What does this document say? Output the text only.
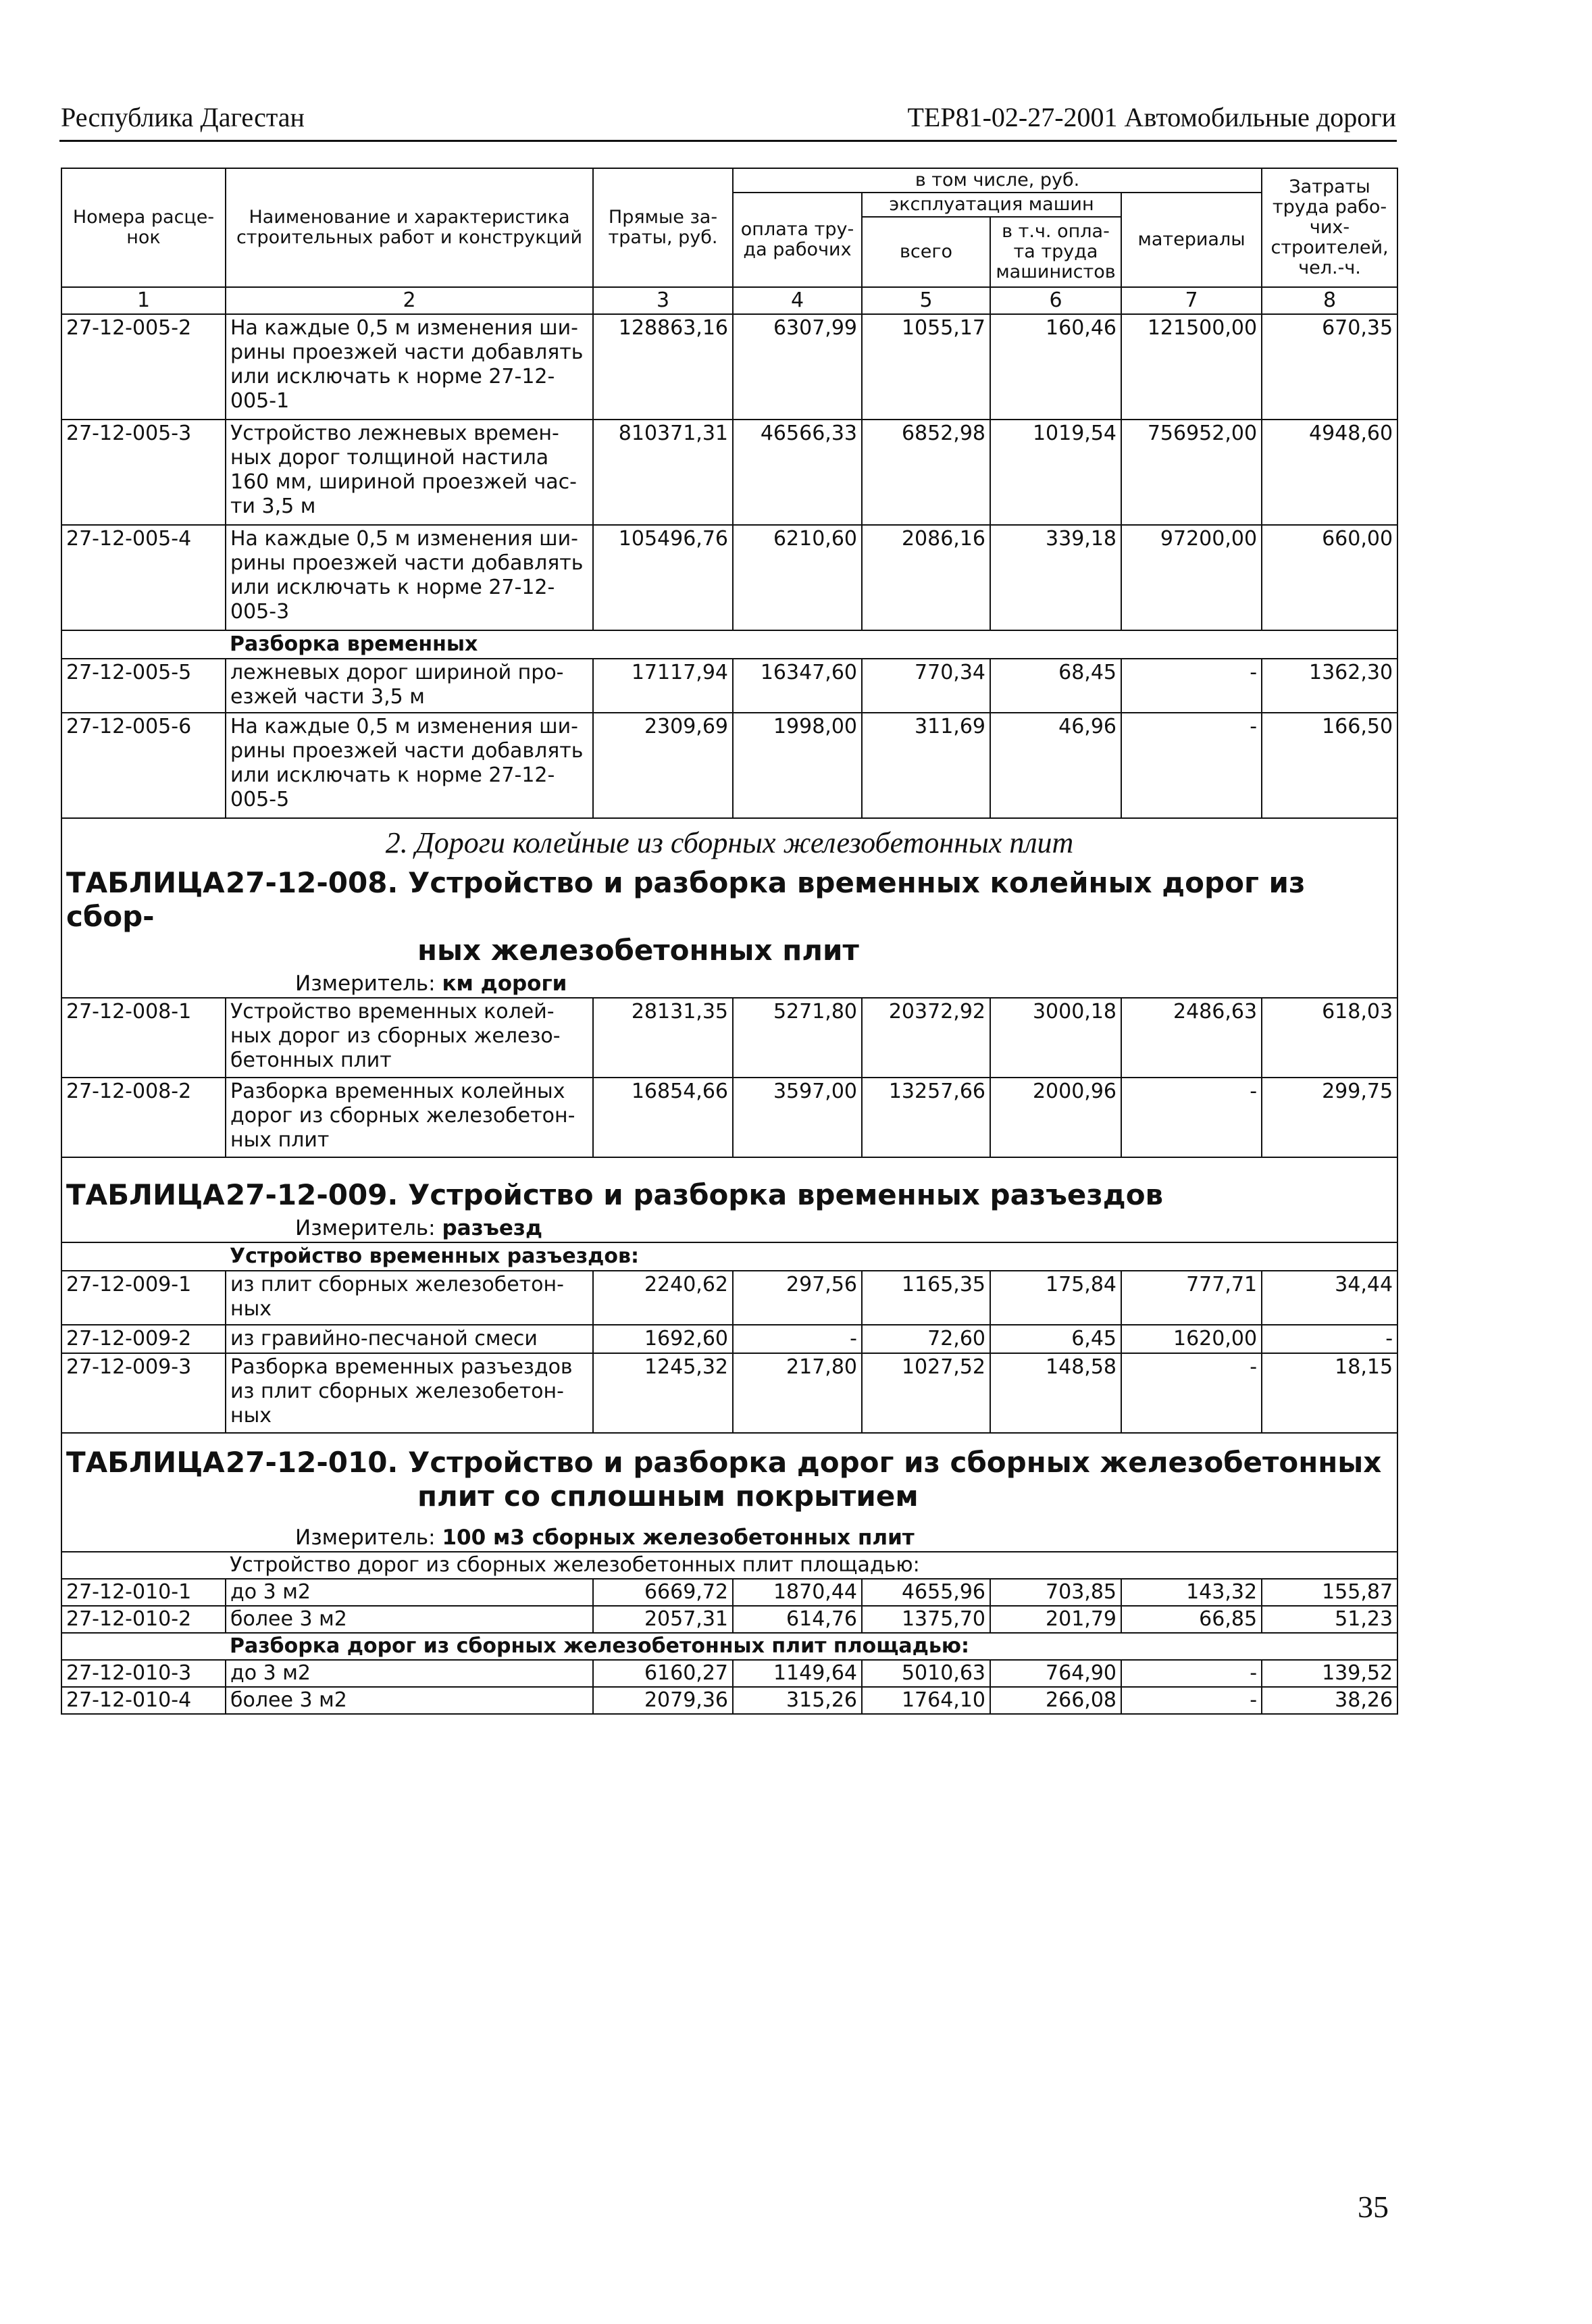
Республика Дагестан	ТЕР81-02-27-2001 Автомобильные дороги
Номера расце-нок	Наименование и характеристика строительных работ и конструкций	Прямые за-траты, руб.	в том числе, руб.				Затраты труда рабо-чих-строителей, чел.-ч.
			оплата тру-да рабочих	эксплуатация машин		материалы	
				всего	в т.ч. опла-та труда машинистов		
1	2	3	4	5	6	7	8
27-12-005-2	На каждые 0,5 м изменения ши-рины проезжей части добавлять или исключать к норме 27-12-005-1	128863,16	6307,99	1055,17	160,46	121500,00	670,35
27-12-005-3	Устройство лежневых времен-ных дорог толщиной настила 160 мм, шириной проезжей час-ти 3,5 м	810371,31	46566,33	6852,98	1019,54	756952,00	4948,60
27-12-005-4	На каждые 0,5 м изменения ши-рины проезжей части добавлять или исключать к норме 27-12-005-3	105496,76	6210,60	2086,16	339,18	97200,00	660,00
	Разборка временных						
27-12-005-5	лежневых дорог шириной про-езжей части 3,5 м	17117,94	16347,60	770,34	68,45	-	1362,30
27-12-005-6	На каждые 0,5 м изменения ши-рины проезжей части добавлять или исключать к норме 27-12-005-5	2309,69	1998,00	311,69	46,96	-	166,50
2. Дороги колейные из сборных железобетонных плит							
ТАБЛИЦА27-12-008. Устройство и разборка временных колейных дорог из сбор-
ных железобетонных плит							

Измеритель: км дороги							
27-12-008-1	Устройство временных колей-ных дорог из сборных железо-бетонных плит	28131,35	5271,80	20372,92	3000,18	2486,63	618,03
27-12-008-2	Разборка временных колейных дорог из сборных железобетон-ных плит	16854,66	3597,00	13257,66	2000,96	-	299,75
ТАБЛИЦА27-12-009. Устройство и разборка временных разъездов							
Измеритель: разъезд							
	Устройство временных разъездов:						
27-12-009-1	из плит сборных железобетон-ных	2240,62	297,56	1165,35	175,84	777,71	34,44
27-12-009-2	из гравийно-песчаной смеси	1692,60	-	72,60	6,45	1620,00	-
27-12-009-3	Разборка временных разъездов из плит сборных железобетон-ных	1245,32	217,80	1027,52	148,58	-	18,15
ТАБЛИЦА27-12-010. Устройство и разборка дорог из сборных железобетонных
плит со сплошным покрытием							

Измеритель: 100 м3 сборных железобетонных плит							
	Устройство дорог из сборных железобетонных плит площадью:						
27-12-010-1	до 3 м2	6669,72	1870,44	4655,96	703,85	143,32	155,87
27-12-010-2	более 3 м2	2057,31	614,76	1375,70	201,79	66,85	51,23
	Разборка дорог из сборных железобетонных плит площадью:						
27-12-010-3	до 3 м2	6160,27	1149,64	5010,63	764,90	-	139,52
27-12-010-4	более 3 м2	2079,36	315,26	1764,10	266,08	-	38,26
35
